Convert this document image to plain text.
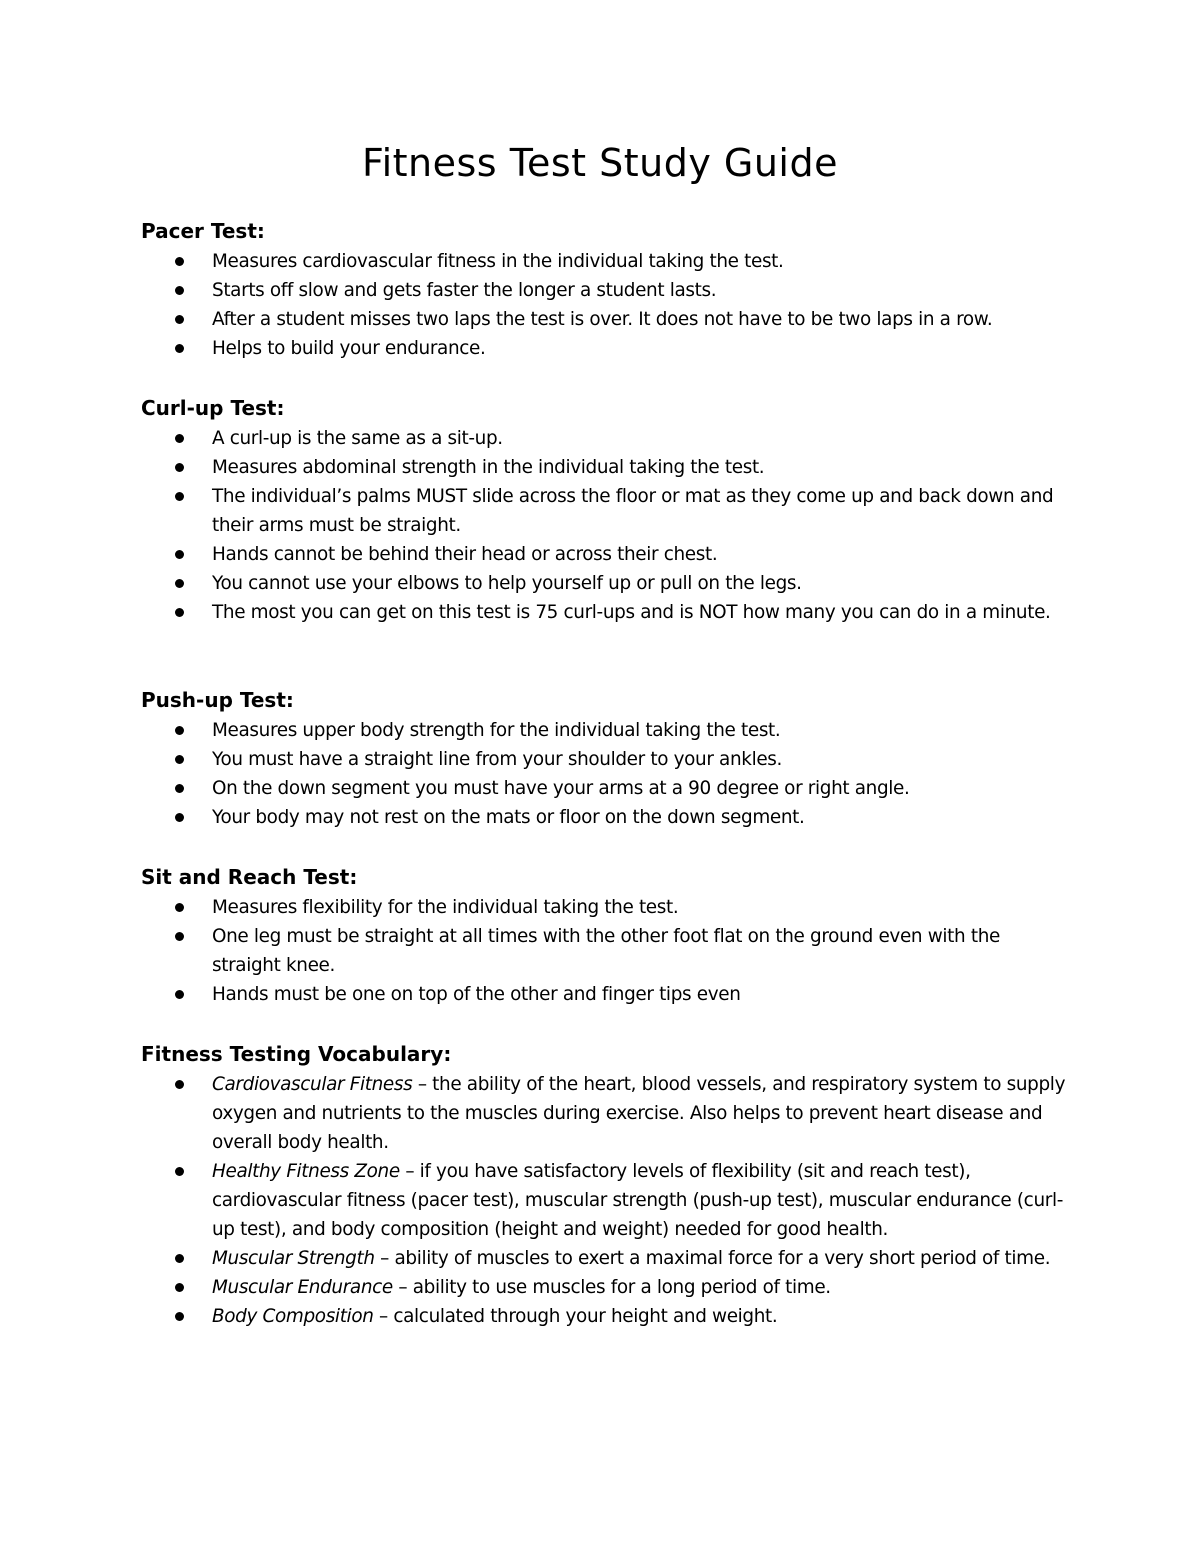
Fitness Test Study Guide
Pacer Test:
Measures cardiovascular fitness in the individual taking the test.
Starts off slow and gets faster the longer a student lasts.
After a student misses two laps the test is over. It does not have to be two laps in a row.
Helps to build your endurance.
Curl-up Test:
A curl-up is the same as a sit-up.
Measures abdominal strength in the individual taking the test.
The individual’s palms MUST slide across the floor or mat as they come up and back down and their arms must be straight.
Hands cannot be behind their head or across their chest.
You cannot use your elbows to help yourself up or pull on the legs.
The most you can get on this test is 75 curl-ups and is NOT how many you can do in a minute.
Push-up Test:
Measures upper body strength for the individual taking the test.
You must have a straight line from your shoulder to your ankles.
On the down segment you must have your arms at a 90 degree or right angle.
Your body may not rest on the mats or floor on the down segment.
Sit and Reach Test:
Measures flexibility for the individual taking the test.
One leg must be straight at all times with the other foot flat on the ground even with the straight knee.
Hands must be one on top of the other and finger tips even
Fitness Testing Vocabulary:
Cardiovascular Fitness – the ability of the heart, blood vessels, and respiratory system to supply oxygen and nutrients to the muscles during exercise. Also helps to prevent heart disease and overall body health.
Healthy Fitness Zone – if you have satisfactory levels of flexibility (sit and reach test), cardiovascular fitness (pacer test), muscular strength (push-up test), muscular endurance (curl-up test), and body composition (height and weight) needed for good health.
Muscular Strength – ability of muscles to exert a maximal force for a very short period of time.
Muscular Endurance – ability to use muscles for a long period of time.
Body Composition – calculated through your height and weight.
